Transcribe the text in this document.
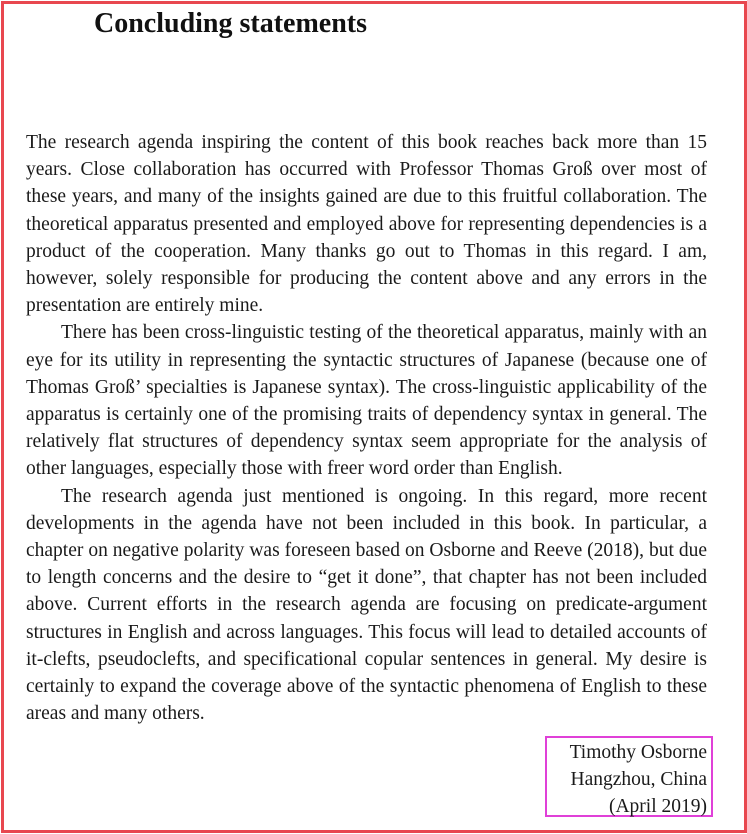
Concluding statements

The research agenda inspiring the content of this book reaches back more than 15 years. Close collaboration has occurred with Professor Thomas Groß over most of these years, and many of the insights gained are due to this fruitful collaboration. The theoretical apparatus presented and employed above for representing dependencies is a product of the cooperation. Many thanks go out to Thomas in this regard. I am, however, solely responsible for producing the content above and any errors in the presentation are entirely mine.

There has been cross-linguistic testing of the theoretical apparatus, mainly with an eye for its utility in representing the syntactic structures of Japanese (because one of Thomas Groß’ specialties is Japanese syntax). The cross-linguistic applicability of the apparatus is certainly one of the promising traits of dependency syntax in general. The relatively flat structures of dependency syntax seem appropriate for the analysis of other languages, especially those with freer word order than English.

The research agenda just mentioned is ongoing. In this regard, more recent developments in the agenda have not been included in this book. In particular, a chapter on negative polarity was foreseen based on Osborne and Reeve (2018), but due to length concerns and the desire to “get it done”, that chapter has not been included above. Current efforts in the research agenda are focusing on predicate-argument structures in English and across languages. This focus will lead to detailed accounts of it-clefts, pseudoclefts, and specificational copular sentences in general. My desire is certainly to expand the coverage above of the syntactic phenomena of English to these areas and many others.

Timothy Osborne
Hangzhou, China
(April 2019)
